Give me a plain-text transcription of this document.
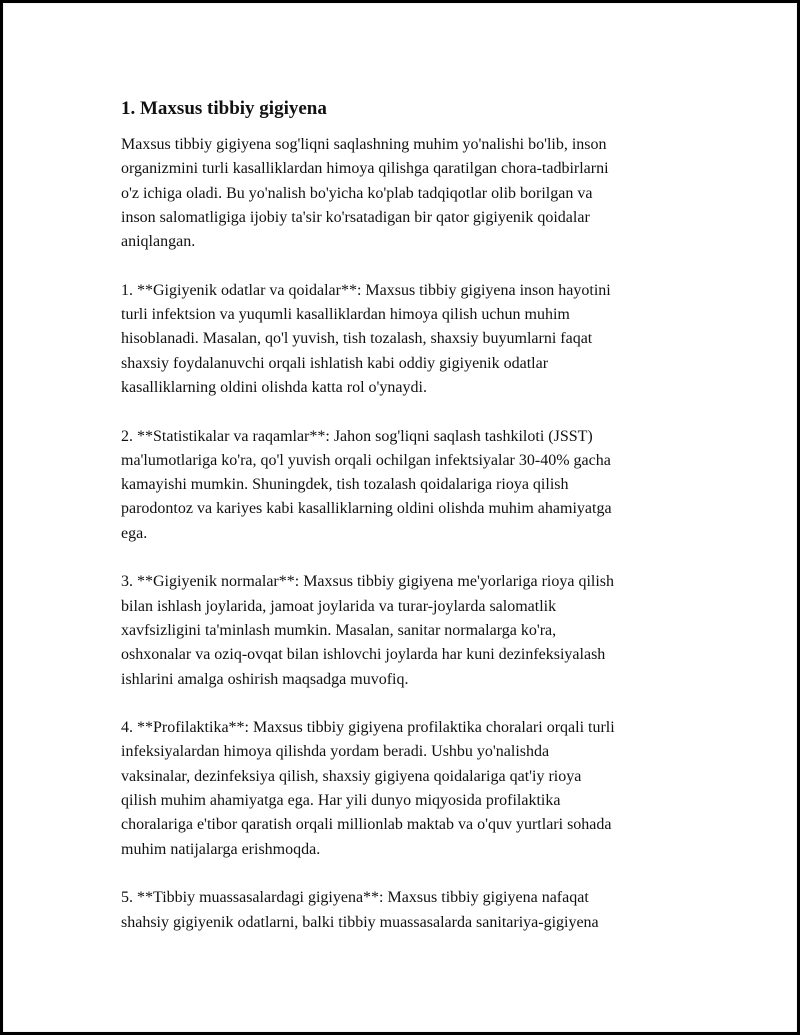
1. Maxsus tibbiy gigiyena

Maxsus tibbiy gigiyena sog'liqni saqlashning muhim yo'nalishi bo'lib, inson
organizmini turli kasalliklardan himoya qilishga qaratilgan chora-tadbirlarni
o'z ichiga oladi. Bu yo'nalish bo'yicha ko'plab tadqiqotlar olib borilgan va
inson salomatligiga ijobiy ta'sir ko'rsatadigan bir qator gigiyenik qoidalar
aniqlangan.

1. **Gigiyenik odatlar va qoidalar**: Maxsus tibbiy gigiyena inson hayotini
turli infektsion va yuqumli kasalliklardan himoya qilish uchun muhim
hisoblanadi. Masalan, qo'l yuvish, tish tozalash, shaxsiy buyumlarni faqat
shaxsiy foydalanuvchi orqali ishlatish kabi oddiy gigiyenik odatlar
kasalliklarning oldini olishda katta rol o'ynaydi.

2. **Statistikalar va raqamlar**: Jahon sog'liqni saqlash tashkiloti (JSST)
ma'lumotlariga ko'ra, qo'l yuvish orqali ochilgan infektsiyalar 30-40% gacha
kamayishi mumkin. Shuningdek, tish tozalash qoidalariga rioya qilish
parodontoz va kariyes kabi kasalliklarning oldini olishda muhim ahamiyatga
ega.

3. **Gigiyenik normalar**: Maxsus tibbiy gigiyena me'yorlariga rioya qilish
bilan ishlash joylarida, jamoat joylarida va turar-joylarda salomatlik
xavfsizligini ta'minlash mumkin. Masalan, sanitar normalarga ko'ra,
oshxonalar va oziq-ovqat bilan ishlovchi joylarda har kuni dezinfeksiyalash
ishlarini amalga oshirish maqsadga muvofiq.

4. **Profilaktika**: Maxsus tibbiy gigiyena profilaktika choralari orqali turli
infeksiyalardan himoya qilishda yordam beradi. Ushbu yo'nalishda
vaksinalar, dezinfeksiya qilish, shaxsiy gigiyena qoidalariga qat'iy rioya
qilish muhim ahamiyatga ega. Har yili dunyo miqyosida profilaktika
choralariga e'tibor qaratish orqali millionlab maktab va o'quv yurtlari sohada
muhim natijalarga erishmoqda.

5. **Tibbiy muassasalardagi gigiyena**: Maxsus tibbiy gigiyena nafaqat
shahsiy gigiyenik odatlarni, balki tibbiy muassasalarda sanitariya-gigiyena
